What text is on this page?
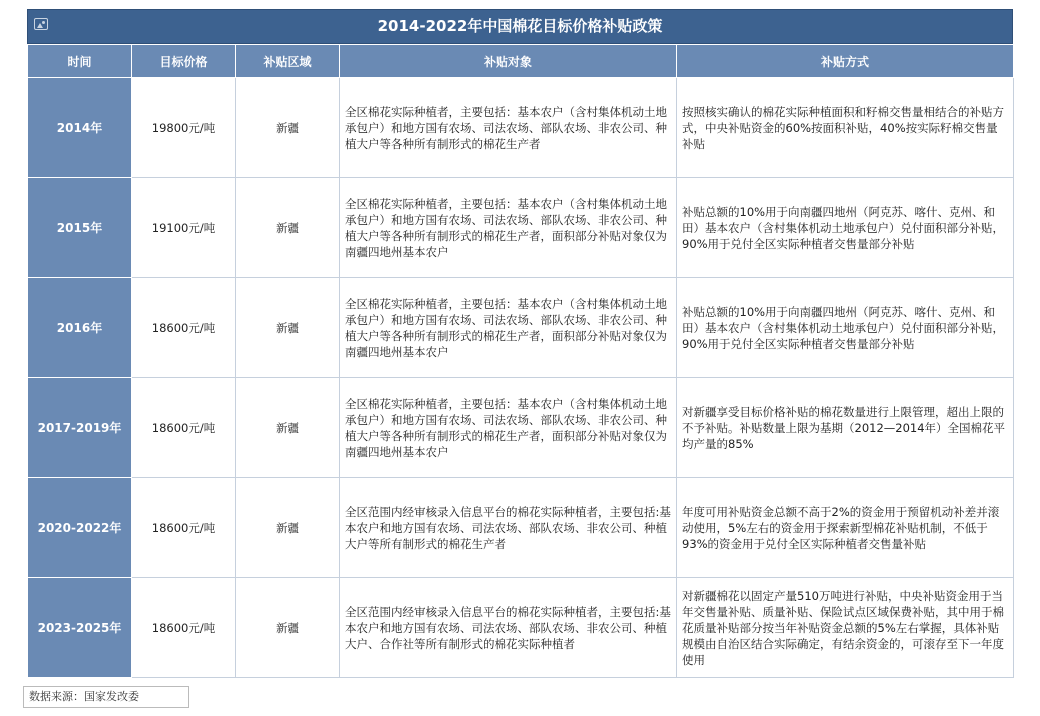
2014-2022年中国棉花目标价格补贴政策
时间	目标价格	补贴区域	补贴对象	补贴方式
2014年	19800元/吨	新疆	全区棉花实际种植者，主要包括：基本农户（含村集体机动土地承包户）和地方国有农场、司法农场、部队农场、非农公司、种植大户等各种所有制形式的棉花生产者	按照核实确认的棉花实际种植面积和籽棉交售量相结合的补贴方式，中央补贴资金的60%按面积补贴，40%按实际籽棉交售量补贴
2015年	19100元/吨	新疆	全区棉花实际种植者，主要包括：基本农户（含村集体机动土地承包户）和地方国有农场、司法农场、部队农场、非农公司、种植大户等各种所有制形式的棉花生产者，面积部分补贴对象仅为南疆四地州基本农户	补贴总额的10%用于向南疆四地州（阿克苏、喀什、克州、和田）基本农户（含村集体机动土地承包户）兑付面积部分补贴，90%用于兑付全区实际种植者交售量部分补贴
2016年	18600元/吨	新疆	全区棉花实际种植者，主要包括：基本农户（含村集体机动土地承包户）和地方国有农场、司法农场、部队农场、非农公司、种植大户等各种所有制形式的棉花生产者，面积部分补贴对象仅为南疆四地州基本农户	补贴总额的10%用于向南疆四地州（阿克苏、喀什、克州、和田）基本农户（含村集体机动土地承包户）兑付面积部分补贴，90%用于兑付全区实际种植者交售量部分补贴
2017-2019年	18600元/吨	新疆	全区棉花实际种植者，主要包括：基本农户（含村集体机动土地承包户）和地方国有农场、司法农场、部队农场、非农公司、种植大户等各种所有制形式的棉花生产者，面积部分补贴对象仅为南疆四地州基本农户	对新疆享受目标价格补贴的棉花数量进行上限管理，超出上限的不予补贴。补贴数量上限为基期（2012—2014年）全国棉花平均产量的85%
2020-2022年	18600元/吨	新疆	全区范围内经审核录入信息平台的棉花实际种植者，主要包括:基本农户和地方国有农场、司法农场、部队农场、非农公司、种植大户等所有制形式的棉花生产者	年度可用补贴资金总额不高于2%的资金用于预留机动补差并滚动使用，5%左右的资金用于探索新型棉花补贴机制，不低于93%的资金用于兑付全区实际种植者交售量补贴
2023-2025年	18600元/吨	新疆	全区范围内经审核录入信息平台的棉花实际种植者，主要包括:基本农户和地方国有农场、司法农场、部队农场、非农公司、种植大户、合作社等所有制形式的棉花实际种植者	对新疆棉花以固定产量510万吨进行补贴，中央补贴资金用于当年交售量补贴、质量补贴、保险试点区域保费补贴，其中用于棉花质量补贴部分按当年补贴资金总额的5%左右掌握，具体补贴规模由自治区结合实际确定，有结余资金的，可滚存至下一年度使用
数据来源：国家发改委
